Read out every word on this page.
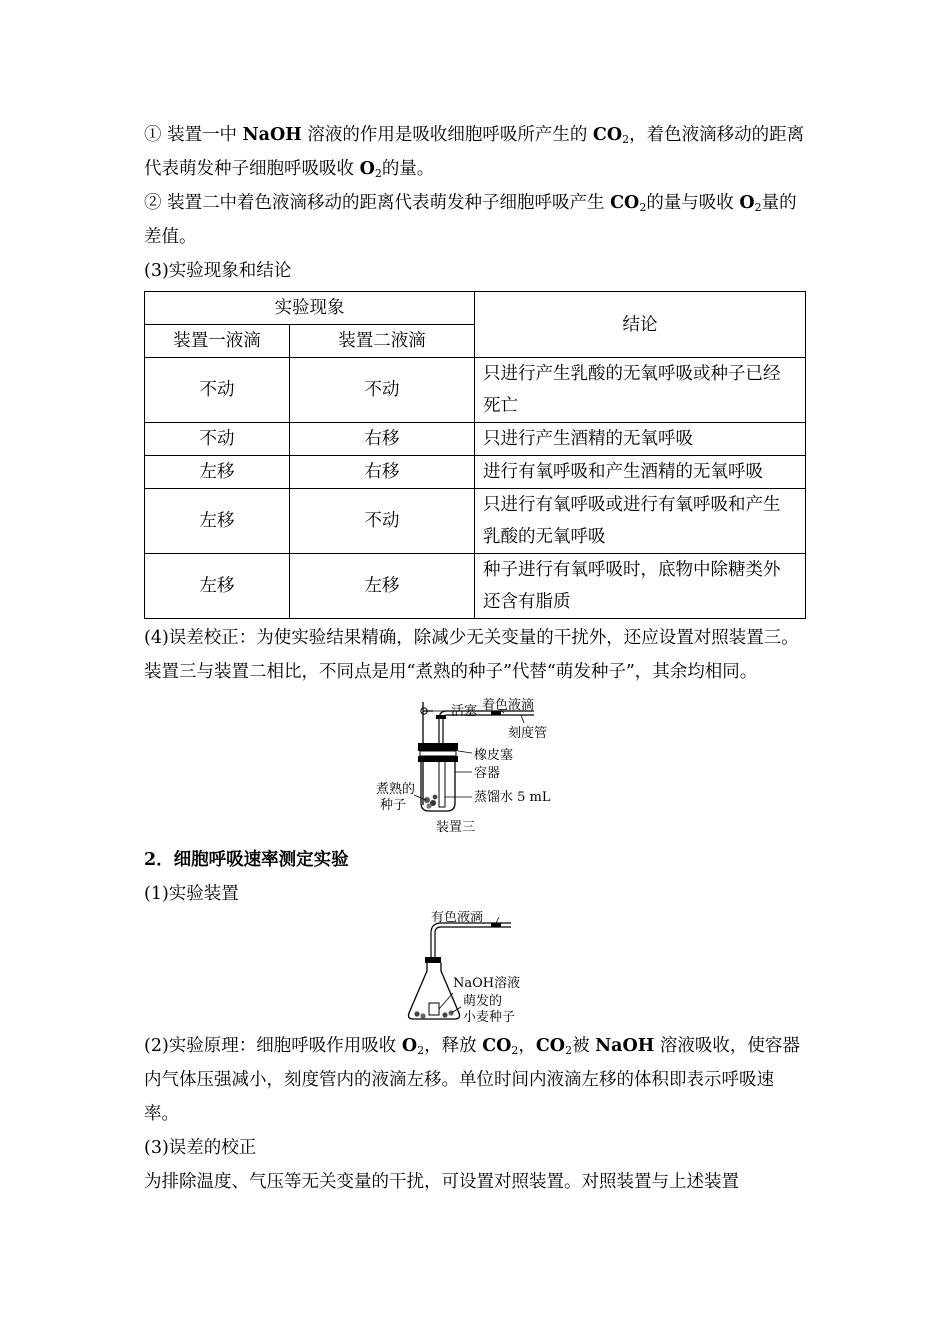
① 装置一中 NaOH 溶液的作用是吸收细胞呼吸所产生的 $CO_2$，着色液滴移动的距离代表萌发种子细胞呼吸吸收 $O_2$的量。

② 装置二中着色液滴移动的距离代表萌发种子细胞呼吸产生 $CO_2$的量与吸收 $O_2$量的差值。

(3)实验现象和结论

实验现象		结论
装置一液滴	装置二液滴	
不动	不动	只进行产生乳酸的无氧呼吸或种子已经死亡
不动	右移	只进行产生酒精的无氧呼吸
左移	右移	进行有氧呼吸和产生酒精的无氧呼吸
左移	不动	只进行有氧呼吸或进行有氧呼吸和产生乳酸的无氧呼吸
左移	左移	种子进行有氧呼吸时，底物中除糖类外还含有脂质

(4)误差校正：为使实验结果精确，除减少无关变量的干扰外，还应设置对照装置三。装置三与装置二相比，不同点是用“煮熟的种子”代替“萌发种子”，其余均相同。

活塞 着色液滴
刻度管
橡皮塞
容器
煮熟的
种子
蒸馏水 5 mL
装置三

2．细胞呼吸速率测定实验

(1)实验装置

有色液滴
NaOH溶液
萌发的
小麦种子

(2)实验原理：细胞呼吸作用吸收 $O_2$，释放 $CO_2$，$CO_2$被 NaOH 溶液吸收，使容器内气体压强减小，刻度管内的液滴左移。单位时间内液滴左移的体积即表示呼吸速率。

(3)误差的校正

为排除温度、气压等无关变量的干扰，可设置对照装置。对照装置与上述装置
